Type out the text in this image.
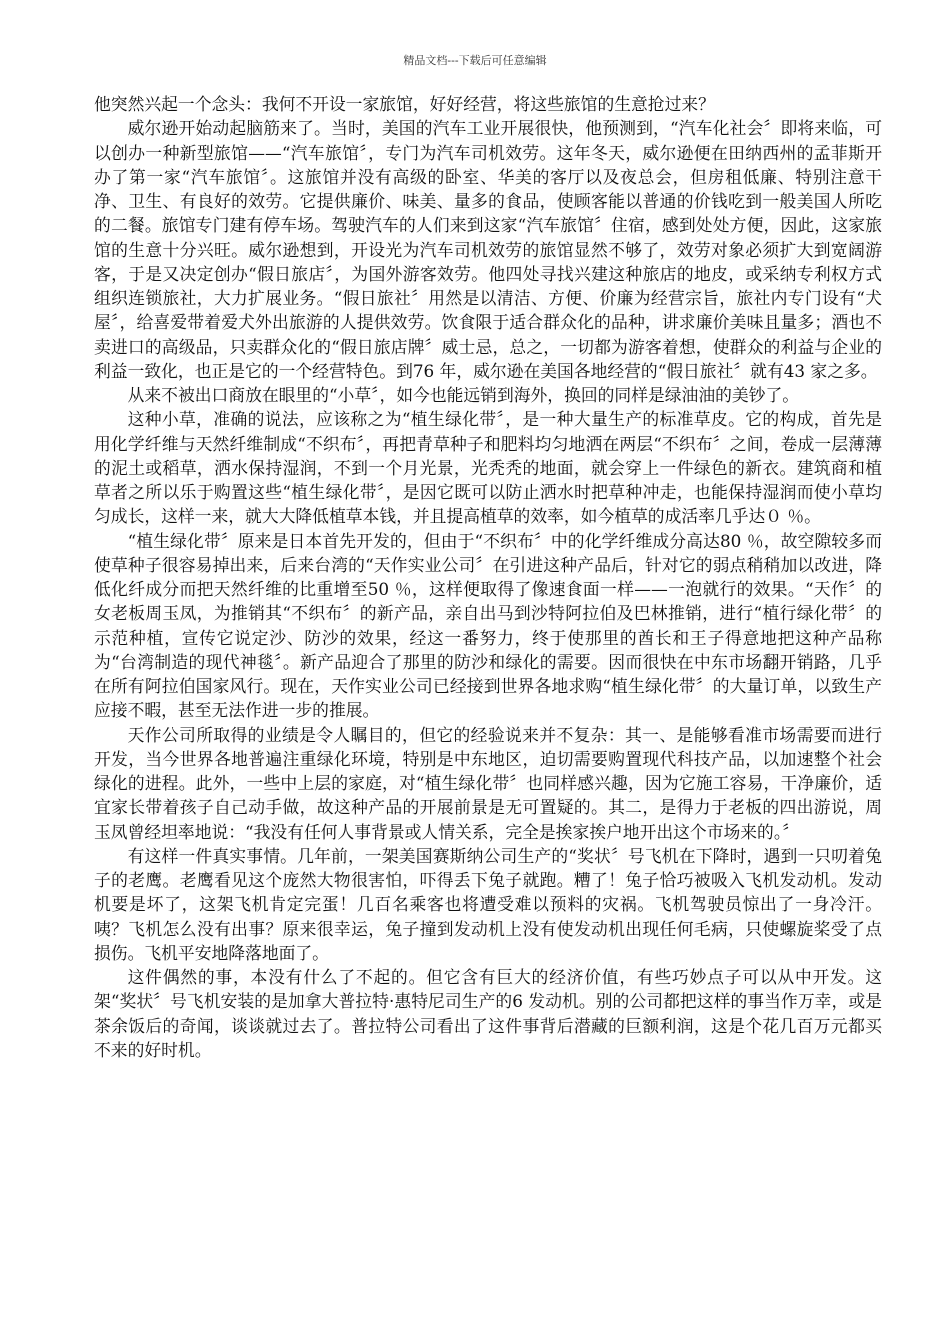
精品文档---下载后可任意编辑

他突然兴起一个念头：我何不开设一家旅馆，好好经营，将这些旅馆的生意抢过来？

威尔逊开始动起脑筋来了。当时，美国的汽车工业开展很快，他预测到，“汽车化社会〞即将来临，可以创办一种新型旅馆——“汽车旅馆〞，专门为汽车司机效劳。这年冬天，威尔逊便在田纳西州的孟菲斯开办了第一家“汽车旅馆〞。这旅馆并没有高级的卧室、华美的客厅以及夜总会，但房租低廉、特别注意干净、卫生、有良好的效劳。它提供廉价、味美、量多的食品，使顾客能以普通的价钱吃到一般美国人所吃的二餐。旅馆专门建有停车场。驾驶汽车的人们来到这家“汽车旅馆〞住宿，感到处处方便，因此，这家旅馆的生意十分兴旺。威尔逊想到，开设光为汽车司机效劳的旅馆显然不够了，效劳对象必须扩大到宽阔游客，于是又决定创办“假日旅店〞，为国外游客效劳。他四处寻找兴建这种旅店的地皮，或采纳专利权方式组织连锁旅社，大力扩展业务。“假日旅社〞用然是以清洁、方便、价廉为经营宗旨，旅社内专门设有“犬屋〞，给喜爱带着爱犬外出旅游的人提供效劳。饮食限于适合群众化的品种，讲求廉价美味且量多；酒也不卖进口的高级品，只卖群众化的“假日旅店牌〞威士忌，总之，一切都为游客着想，使群众的利益与企业的利益一致化，也正是它的一个经营特色。到76 年，威尔逊在美国各地经营的“假日旅社〞就有43 家之多。

从来不被出口商放在眼里的“小草〞，如今也能远销到海外，换回的同样是绿油油的美钞了。

这种小草，准确的说法，应该称之为“植生绿化带〞，是一种大量生产的标准草皮。它的构成，首先是用化学纤维与天然纤维制成“不织布〞，再把青草种子和肥料均匀地洒在两层“不织布〞之间，卷成一层薄薄的泥土或稻草，洒水保持湿润，不到一个月光景，光秃秃的地面，就会穿上一件绿色的新衣。建筑商和植草者之所以乐于购置这些“植生绿化带〞，是因它既可以防止洒水时把草种冲走，也能保持湿润而使小草均匀成长，这样一来，就大大降低植草本钱，并且提高植草的效率，如今植草的成活率几乎达０ ％。

“植生绿化带〞原来是日本首先开发的，但由于“不织布〞中的化学纤维成分高达80 ％，故空隙较多而使草种子很容易掉出来，后来台湾的“天作实业公司〞在引进这种产品后，针对它的弱点稍稍加以改进，降低化纤成分而把天然纤维的比重增至50 ％，这样便取得了像速食面一样——一泡就行的效果。“天作〞的女老板周玉凤，为推销其“不织布〞的新产品，亲自出马到沙特阿拉伯及巴林推销，进行“植行绿化带〞的示范种植，宣传它说定沙、防沙的效果，经这一番努力，终于使那里的酋长和王子得意地把这种产品称为“台湾制造的现代神毯〞。新产品迎合了那里的防沙和绿化的需要。因而很快在中东市场翻开销路，几乎在所有阿拉伯国家风行。现在，天作实业公司已经接到世界各地求购“植生绿化带〞的大量订单，以致生产应接不暇，甚至无法作进一步的推展。

天作公司所取得的业绩是令人瞩目的，但它的经验说来并不复杂：其一、是能够看准市场需要而进行开发，当今世界各地普遍注重绿化环境，特别是中东地区，迫切需要购置现代科技产品，以加速整个社会绿化的进程。此外，一些中上层的家庭，对“植生绿化带〞也同样感兴趣，因为它施工容易，干净廉价，适宜家长带着孩子自己动手做，故这种产品的开展前景是无可置疑的。其二，是得力于老板的四出游说，周玉凤曾经坦率地说：“我没有任何人事背景或人情关系，完全是挨家挨户地开出这个市场来的。〞

有这样一件真实事情。几年前，一架美国赛斯纳公司生产的“奖状〞号飞机在下降时，遇到一只叨着兔子的老鹰。老鹰看见这个庞然大物很害怕，吓得丢下兔子就跑。糟了！兔子恰巧被吸入飞机发动机。发动机要是坏了，这架飞机肯定完蛋！几百名乘客也将遭受难以预料的灾祸。飞机驾驶员惊出了一身冷汗。咦？飞机怎么没有出事？原来很幸运，兔子撞到发动机上没有使发动机出现任何毛病，只使螺旋桨受了点损伤。飞机平安地降落地面了。

这件偶然的事，本没有什么了不起的。但它含有巨大的经济价值，有些巧妙点子可以从中开发。这架“奖状〞号飞机安装的是加拿大普拉特·惠特尼司生产的6 发动机。别的公司都把这样的事当作万幸，或是茶余饭后的奇闻，谈谈就过去了。普拉特公司看出了这件事背后潜藏的巨额利润，这是个花几百万元都买不来的好时机。
